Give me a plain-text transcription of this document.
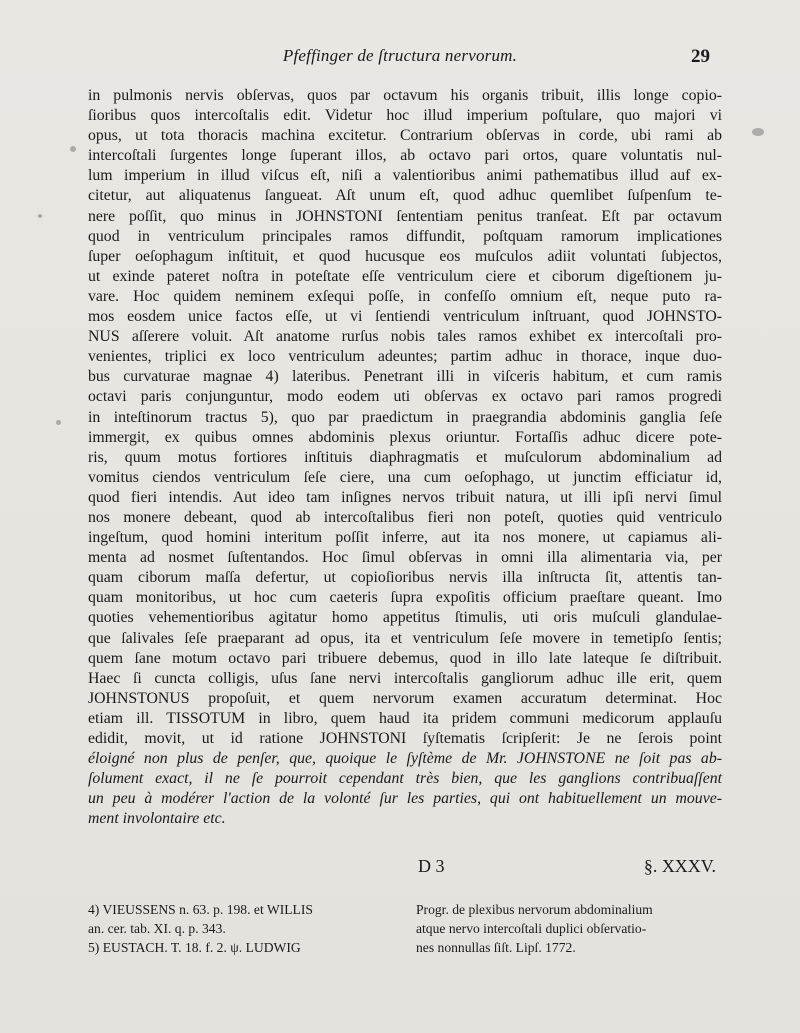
Pfeffinger de ſtructura nervorum.	29
in pulmonis nervis obſervas, quos par octavum his organis tribuit, illis longe copio-
ſioribus quos intercoſtalis edit. Videtur hoc illud imperium poſtulare, quo majori vi
opus, ut tota thoracis machina excitetur. Contrarium obſervas in corde, ubi rami ab
intercoſtali ſurgentes longe ſuperant illos, ab octavo pari ortos, quare voluntatis nul-
lum imperium in illud viſcus eſt, niſi a valentioribus animi pathematibus illud auf ex-
citetur, aut aliquatenus ſangueat. Aſt unum eſt, quod adhuc quemlibet ſuſpenſum te-
nere poſſit, quo minus in JOHNSTONI ſententiam penitus tranſeat. Eſt par octavum
quod in ventriculum principales ramos diffundit, poſtquam ramorum implicationes
ſuper oeſophagum inſtituit, et quod hucusque eos muſculos adiit voluntati ſubjectos,
ut exinde pateret noſtra in poteſtate eſſe ventriculum ciere et ciborum digeſtionem ju-
vare. Hoc quidem neminem exſequi poſſe, in confeſſo omnium eſt, neque puto ra-
mos eosdem unice factos eſſe, ut vi ſentiendi ventriculum inſtruant, quod JOHNSTO-
NUS aſſerere voluit. Aſt anatome rurſus nobis tales ramos exhibet ex intercoſtali pro-
venientes, triplici ex loco ventriculum adeuntes; partim adhuc in thorace, inque duo-
bus curvaturae magnae 4) lateribus. Penetrant illi in viſceris habitum, et cum ramis
octavi paris conjunguntur, modo eodem uti obſervas ex octavo pari ramos progredi
in inteſtinorum tractus 5), quo par praedictum in praegrandia abdominis ganglia ſeſe
immergit, ex quibus omnes abdominis plexus oriuntur. Fortaſſis adhuc dicere pote-
ris, quum motus fortiores inſtituis diaphragmatis et muſculorum abdominalium ad
vomitus ciendos ventriculum ſeſe ciere, una cum oeſophago, ut junctim efficiatur id,
quod fieri intendis. Aut ideo tam inſignes nervos tribuit natura, ut illi ipſi nervi ſimul
nos monere debeant, quod ab intercoſtalibus fieri non poteſt, quoties quid ventriculo
ingeſtum, quod homini interitum poſſit inferre, aut ita nos monere, ut capiamus ali-
menta ad nosmet ſuſtentandos. Hoc ſimul obſervas in omni illa alimentaria via, per
quam ciborum maſſa defertur, ut copioſioribus nervis illa inſtructa ſit, attentis tan-
quam monitoribus, ut hoc cum caeteris ſupra expoſitis officium praeſtare queant. Imo
quoties vehementioribus agitatur homo appetitus ſtimulis, uti oris muſculi glandulae-
que ſalivales ſeſe praeparant ad opus, ita et ventriculum ſeſe movere in temetipſo ſentis;
quem ſane motum octavo pari tribuere debemus, quod in illo late lateque ſe diſtribuit.
Haec ſi cuncta colligis, uſus ſane nervi intercoſtalis gangliorum adhuc ille erit, quem
JOHNSTONUS propoſuit, et quem nervorum examen accuratum determinat. Hoc
etiam ill. TISSOTUM in libro, quem haud ita pridem communi medicorum applauſu
edidit, movit, ut id ratione JOHNSTONI ſyſtematis ſcripſerit: Je ne ſerois point
éloigné non plus de penſer, que, quoique le ſyſtème de Mr. JOHNSTONE ne ſoit pas ab-
ſolument exact, il ne ſe pourroit cependant très bien, que les ganglions contribuaſſent
un peu à modérer l'action de la volonté ſur les parties, qui ont habituellement un mouve-
ment involontaire etc.
D 3	§. XXXV.
4) VIEUSSENS n. 63. p. 198. et WILLIS
an. cer. tab. XI. q. p. 343.
5) EUSTACH. T. 18. f. 2. ψ. LUDWIG
Progr. de plexibus nervorum abdominalium
atque nervo intercoſtali duplici obſervatio-
nes nonnullas ſiſt. Lipſ. 1772.
